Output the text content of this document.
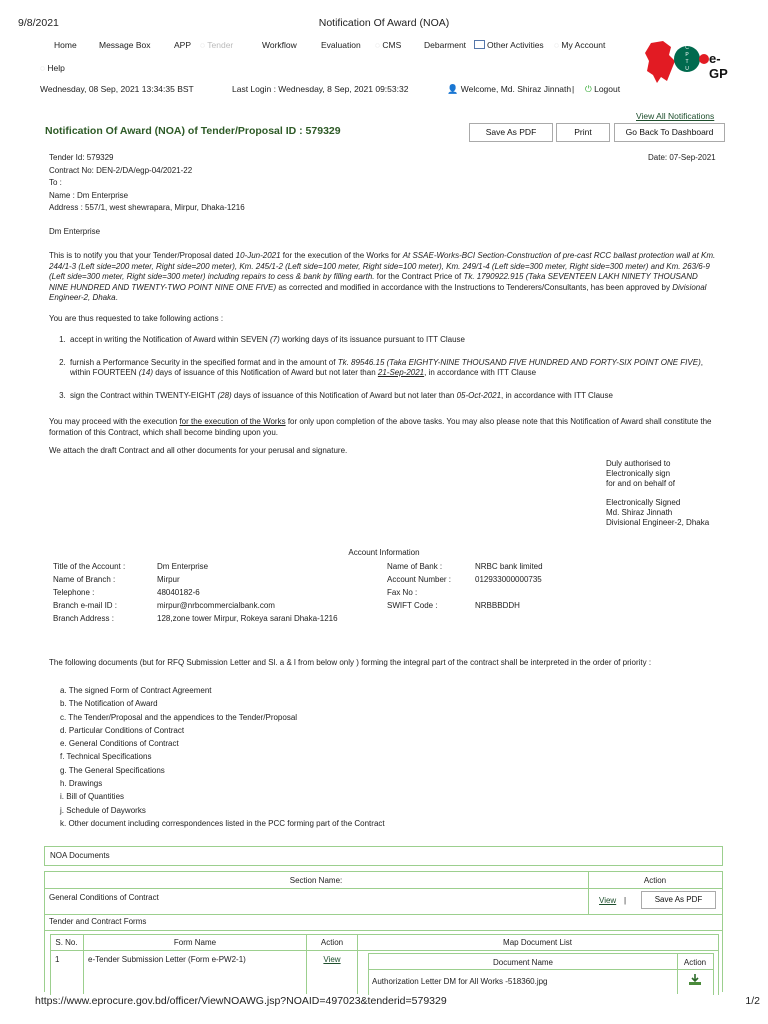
9/8/2021	Notification Of Award (NOA)
Home	Message Box	APP ◌ Tender	Workflow	Evaluation ◌ CMS	Debarment	Other Activities ◌ My Account
◌ Help
C
P
T
U
e-GP
Wednesday, 08 Sep, 2021 13:34:35 BST	Last Login : Wednesday, 8 Sep, 2021 09:53:32	👤 Welcome, Md. Shiraz Jinnath | ⏻ Logout
View All Notifications
Notification Of Award (NOA) of Tender/Proposal ID : 579329	Save As PDF	Print	Go Back To Dashboard
Tender Id: 579329
Contract No: DEN-2/DA/egp-04/2021-22
To :
Name : Dm Enterprise
Address : 557/1, west shewrapara, Mirpur, Dhaka-1216
Date: 07-Sep-2021
Dm Enterprise
This is to notify you that your Tender/Proposal dated 10-Jun-2021 for the execution of the Works for At SSAE-Works-BCI Section-Construction of pre-cast RCC ballast protection wall at Km. 244/1-3 (Left side=200 meter, Right side=200 meter), Km. 245/1-2 (Left side=100 meter, Right side=100 meter), Km. 249/1-4 (Left side=300 meter, Right side=300 meter) and Km. 263/6-9 (Left side=300 meter, Right side=300 meter) including repairs to cess & bank by filling earth. for the Contract Price of Tk. 1790922.915 (Taka SEVENTEEN LAKH NINETY THOUSAND NINE HUNDRED AND TWENTY-TWO POINT NINE ONE FIVE) as corrected and modified in accordance with the Instructions to Tenderers/Consultants, has been approved by Divisional Engineer-2, Dhaka.
You are thus requested to take following actions :
1. accept in writing the Notification of Award within SEVEN (7) working days of its issuance pursuant to ITT Clause
2. furnish a Performance Security in the specified format and in the amount of Tk. 89546.15 (Taka EIGHTY-NINE THOUSAND FIVE HUNDRED AND FORTY-SIX POINT ONE FIVE), within FOURTEEN (14) days of issuance of this Notification of Award but not later than 21-Sep-2021, in accordance with ITT Clause
3. sign the Contract within TWENTY-EIGHT (28) days of issuance of this Notification of Award but not later than 05-Oct-2021, in accordance with ITT Clause
You may proceed with the execution for the execution of the Works for only upon completion of the above tasks. You may also please note that this Notification of Award shall constitute the formation of this Contract, which shall become binding upon you.
We attach the draft Contract and all other documents for your perusal and signature.
Duly authorised to
Electronically sign
for and on behalf of
Electronically Signed
Md. Shiraz Jinnath
Divisional Engineer-2, Dhaka
Account Information
Title of the Account :	Dm Enterprise	Name of Bank :	NRBC bank limited
Name of Branch :	Mirpur	Account Number :	012933000000735
Telephone :	48040182-6	Fax No :	
Branch e-mail ID :	mirpur@nrbcommercialbank.com	SWIFT Code :	NRBBBDDH
Branch Address :	128,zone tower Mirpur, Rokeya sarani Dhaka-1216		
The following documents (but for RFQ Submission Letter and Sl. a & l from below only ) forming the integral part of the contract shall be interpreted in the order of priority :
a. The signed Form of Contract Agreement
b. The Notification of Award
c. The Tender/Proposal and the appendices to the Tender/Proposal
d. Particular Conditions of Contract
e. General Conditions of Contract
f. Technical Specifications
g. The General Specifications
h. Drawings
i. Bill of Quantities
j. Schedule of Dayworks
k. Other document including correspondences listed in the PCC forming part of the Contract
NOA Documents
Section Name:	Action
General Conditions of Contract	View |	Save As PDF
Tender and Contract Forms
S. No.	Form Name	Action	Map Document List
1	e-Tender Submission Letter (Form e-PW2-1)	View	Document Name	Action
Authorization Letter DM for All Works -518360.jpg
https://www.eprocure.gov.bd/officer/ViewNOAWG.jsp?NOAID=497023&tenderid=579329	1/2
